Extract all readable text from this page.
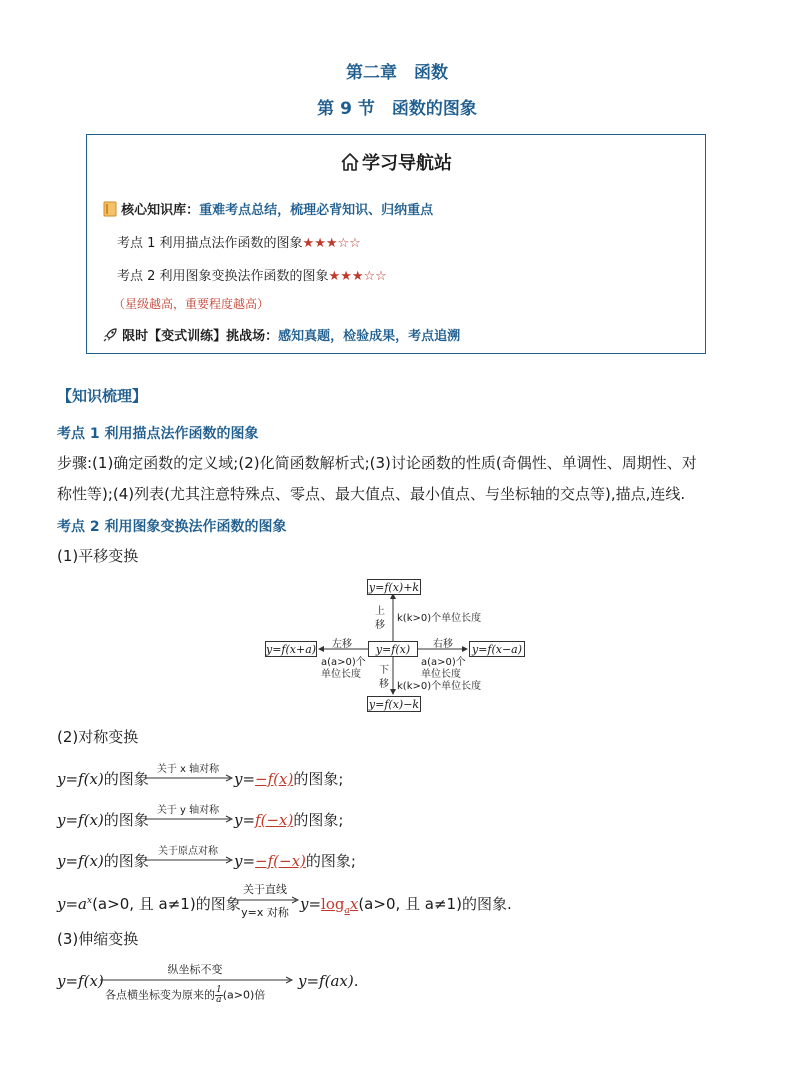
第二章　函数
第 9 节　函数的图象
学习导航站
核心知识库：重难考点总结，梳理必背知识、归纳重点
考点 1 利用描点法作函数的图象★★★☆☆
考点 2 利用图象变换法作函数的图象★★★☆☆
（星级越高，重要程度越高）
限时【变式训练】挑战场：感知真题，检验成果，考点追溯
【知识梳理】
考点 1 利用描点法作函数的图象
步骤:(1)确定函数的定义域;(2)化简函数解析式;(3)讨论函数的性质(奇偶性、单调性、周期性、对
称性等);(4)列表(尤其注意特殊点、零点、最大值点、最小值点、与坐标轴的交点等),描点,连线.
考点 2 利用图象变换法作函数的图象
(1)平移变换
y=f(x)+k
y=f(x)
y=f(x)−k
y=f(x+a)	y=f(x−a)
上
移
k(k>0)个单位长度
下
移 k(k>0)个单位长度
左移
a(a>0)个
单位长度
右移
a(a>0)个
单位长度
(2)对称变换
y=f(x)的图象
关于 x 轴对称
y=−f(x)的图象;
y=f(x)的图象
关于 y 轴对称
y=f(−x)的图象;
y=f(x)的图象
关于原点对称
y=−f(−x)的图象;
$y=a^x(a>0$, 且 a≠1)的图象
关于直线
y=x 对称 $y=\log_ax(a>0$, 且 a≠1)的图象.
(3)伸缩变换
y=f(x)
纵坐标不变
各点横坐标变为原来的 $\frac{1}{a} (a>0)$倍
y=f(ax).
